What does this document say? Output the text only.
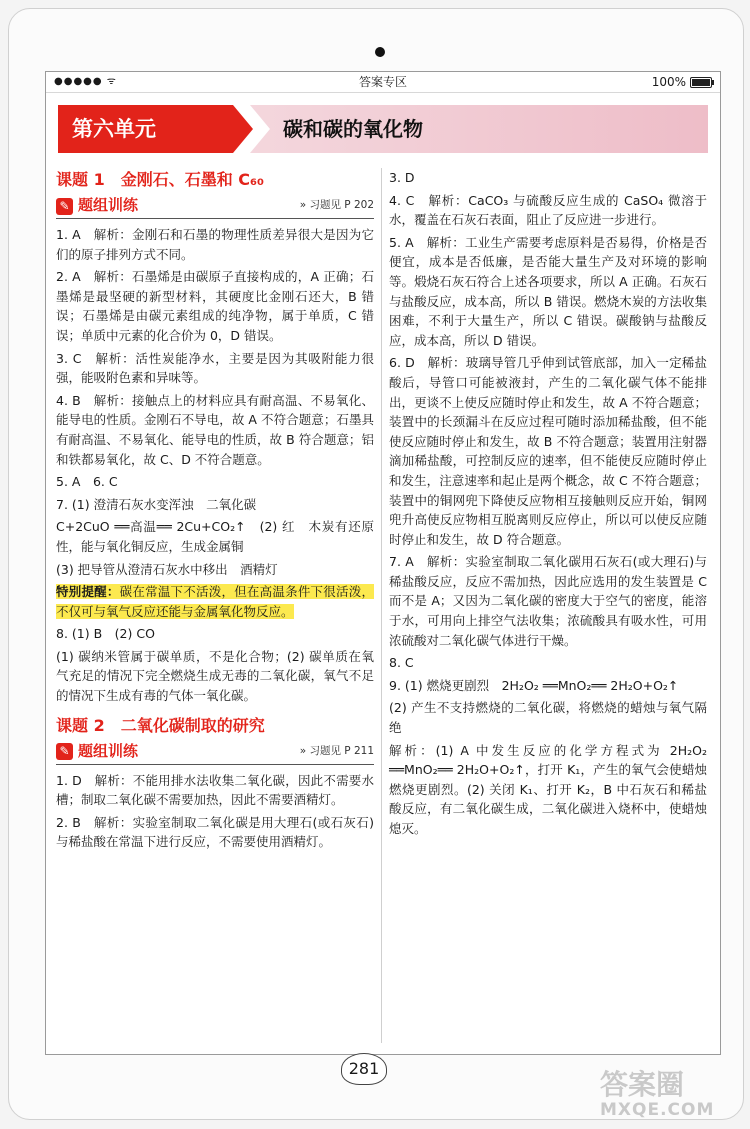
●●●●● ᯤ	答案专区	100%
第六单元	碳和碳的氧化物
课题 1　金刚石、石墨和 C₆₀
✎ 题组训练	» 习题见 P 202

1. A　解析：金刚石和石墨的物理性质差异很大是因为它们的原子排列方式不同。

2. A　解析：石墨烯是由碳原子直接构成的，A 正确；石墨烯是最坚硬的新型材料，其硬度比金刚石还大，B 错误；石墨烯是由碳元素组成的纯净物，属于单质，C 错误；单质中元素的化合价为 0，D 错误。

3. C　解析：活性炭能净水，主要是因为其吸附能力很强，能吸附色素和异味等。

4. B　解析：接触点上的材料应具有耐高温、不易氧化、能导电的性质。金刚石不导电，故 A 不符合题意；石墨具有耐高温、不易氧化、能导电的性质，故 B 符合题意；铝和铁都易氧化，故 C、D 不符合题意。

5. A　6. C

7. (1) 澄清石灰水变浑浊　二氧化碳

C+2CuO ══高温══ 2Cu+CO₂↑　(2) 红　木炭有还原性，能与氧化铜反应，生成金属铜

(3) 把导管从澄清石灰水中移出　酒精灯

特别提醒：碳在常温下不活泼，但在高温条件下很活泼，不仅可与氧气反应还能与金属氧化物反应。

8. (1) B　(2) CO

(1) 碳纳米管属于碳单质，不是化合物；(2) 碳单质在氧气充足的情况下完全燃烧生成无毒的二氧化碳，氧气不足的情况下生成有毒的气体一氧化碳。

课题 2　二氧化碳制取的研究
✎ 题组训练	» 习题见 P 211

1. D　解析：不能用排水法收集二氧化碳，因此不需要水槽；制取二氧化碳不需要加热，因此不需要酒精灯。

2. B　解析：实验室制取二氧化碳是用大理石(或石灰石)与稀盐酸在常温下进行反应，不需要使用酒精灯。

3. D

4. C　解析：CaCO₃ 与硫酸反应生成的 CaSO₄ 微溶于水，覆盖在石灰石表面，阻止了反应进一步进行。

5. A　解析：工业生产需要考虑原料是否易得，价格是否便宜，成本是否低廉，是否能大量生产及对环境的影响等。煅烧石灰石符合上述各项要求，所以 A 正确。石灰石与盐酸反应，成本高，所以 B 错误。燃烧木炭的方法收集困难，不利于大量生产，所以 C 错误。碳酸钠与盐酸反应，成本高，所以 D 错误。

6. D　解析：玻璃导管几乎伸到试管底部，加入一定稀盐酸后，导管口可能被液封，产生的二氧化碳气体不能排出，更谈不上使反应随时停止和发生，故 A 不符合题意；装置中的长颈漏斗在反应过程可随时添加稀盐酸，但不能使反应随时停止和发生，故 B 不符合题意；装置用注射器滴加稀盐酸，可控制反应的速率，但不能使反应随时停止和发生，注意速率和起止是两个概念，故 C 不符合题意；装置中的铜网兜下降使反应物相互接触则反应开始，铜网兜升高使反应物相互脱离则反应停止，所以可以使反应随时停止和发生，故 D 符合题意。

7. A　解析：实验室制取二氧化碳用石灰石(或大理石)与稀盐酸反应，反应不需加热，因此应选用的发生装置是 C 而不是 A；又因为二氧化碳的密度大于空气的密度，能溶于水，可用向上排空气法收集；浓硫酸具有吸水性，可用浓硫酸对二氧化碳气体进行干燥。

8. C

9. (1) 燃烧更剧烈　2H₂O₂ ══MnO₂══ 2H₂O+O₂↑

(2) 产生不支持燃烧的二氧化碳，将燃烧的蜡烛与氧气隔绝

解析：(1) A 中发生反应的化学方程式为 2H₂O₂ ══MnO₂══ 2H₂O+O₂↑，打开 K₁，产生的氧气会使蜡烛燃烧更剧烈。(2) 关闭 K₁、打开 K₂，B 中石灰石和稀盐酸反应，有二氧化碳生成，二氧化碳进入烧杯中，使蜡烛熄灭。

281	答案圈
MXQE.COM
